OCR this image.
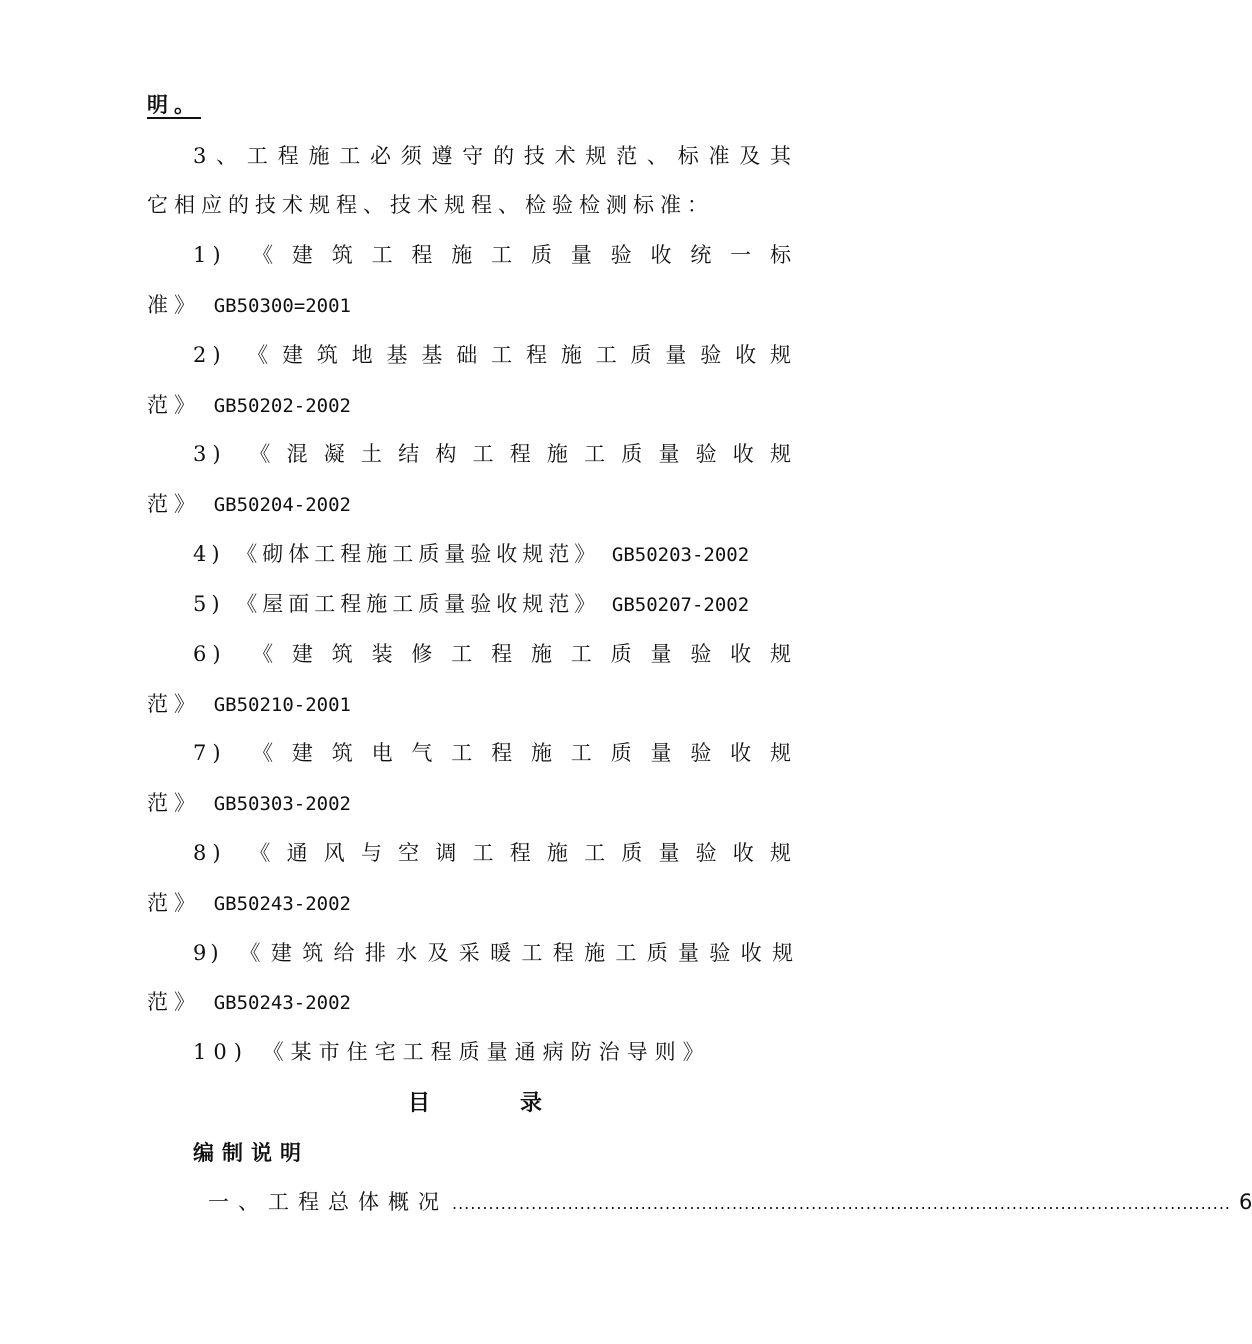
明。
3、工程施工必须遵守的技术规范、标准及其
它相应的技术规程、技术规程、检验检测标准：
1) 《建筑工程施工质量验收统一标
准》 GB50300=2001
2) 《建筑地基基础工程施工质量验收规
范》 GB50202-2002
3) 《混凝土结构工程施工质量验收规
范》 GB50204-2002
4) 《砌体工程施工质量验收规范》 GB50203-2002
5) 《屋面工程施工质量验收规范》 GB50207-2002
6) 《建筑装修工程施工质量验收规
范》 GB50210-2001
7) 《建筑电气工程施工质量验收规
范》 GB50303-2002
8) 《通风与空调工程施工质量验收规
范》 GB50243-2002
9) 《建筑给排水及采暖工程施工质量验收规
范》 GB50243-2002
10) 《某市住宅工程质量通病防治导则》
目录
编制说明
一、工程总体概况 ................................................................................................................................ 6
